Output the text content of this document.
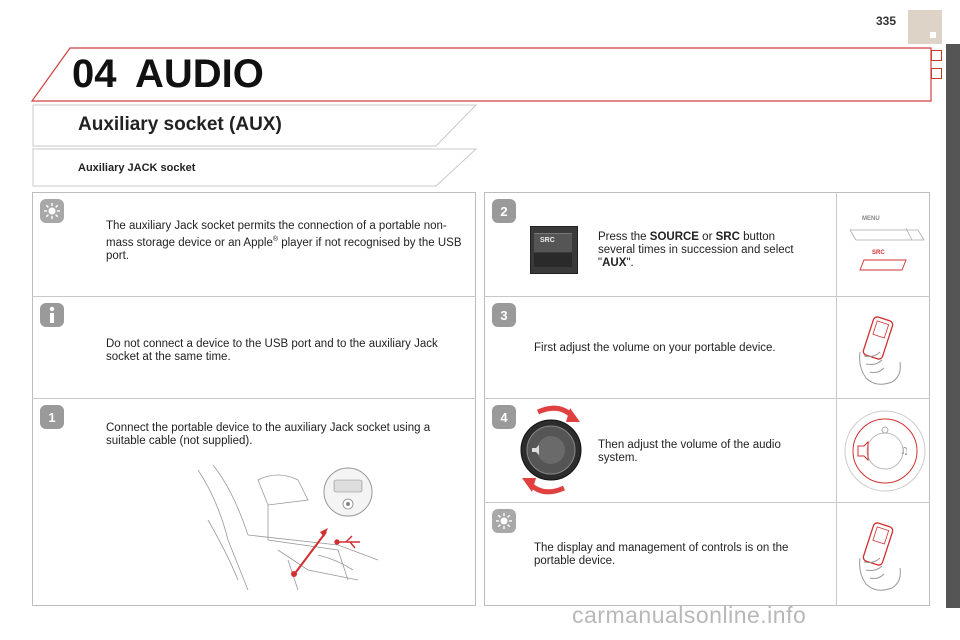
335
04 AUDIO
Auxiliary socket (AUX)
Auxiliary JACK socket
The auxiliary Jack socket permits the connection of a portable non-mass storage device or an Apple® player if not recognised by the USB port.
Do not connect a device to the USB port and to the auxiliary Jack socket at the same time.
1
Connect the portable device to the auxiliary Jack socket using a suitable cable (not supplied).
2
SRC	Press the SOURCE or SRC button several times in succession and select "AUX".
MENU
SRC
3
First adjust the volume on your portable device.
4
Then adjust the volume of the audio system.
♫
The display and management of controls is on the portable device.
carmanualsonline.info
